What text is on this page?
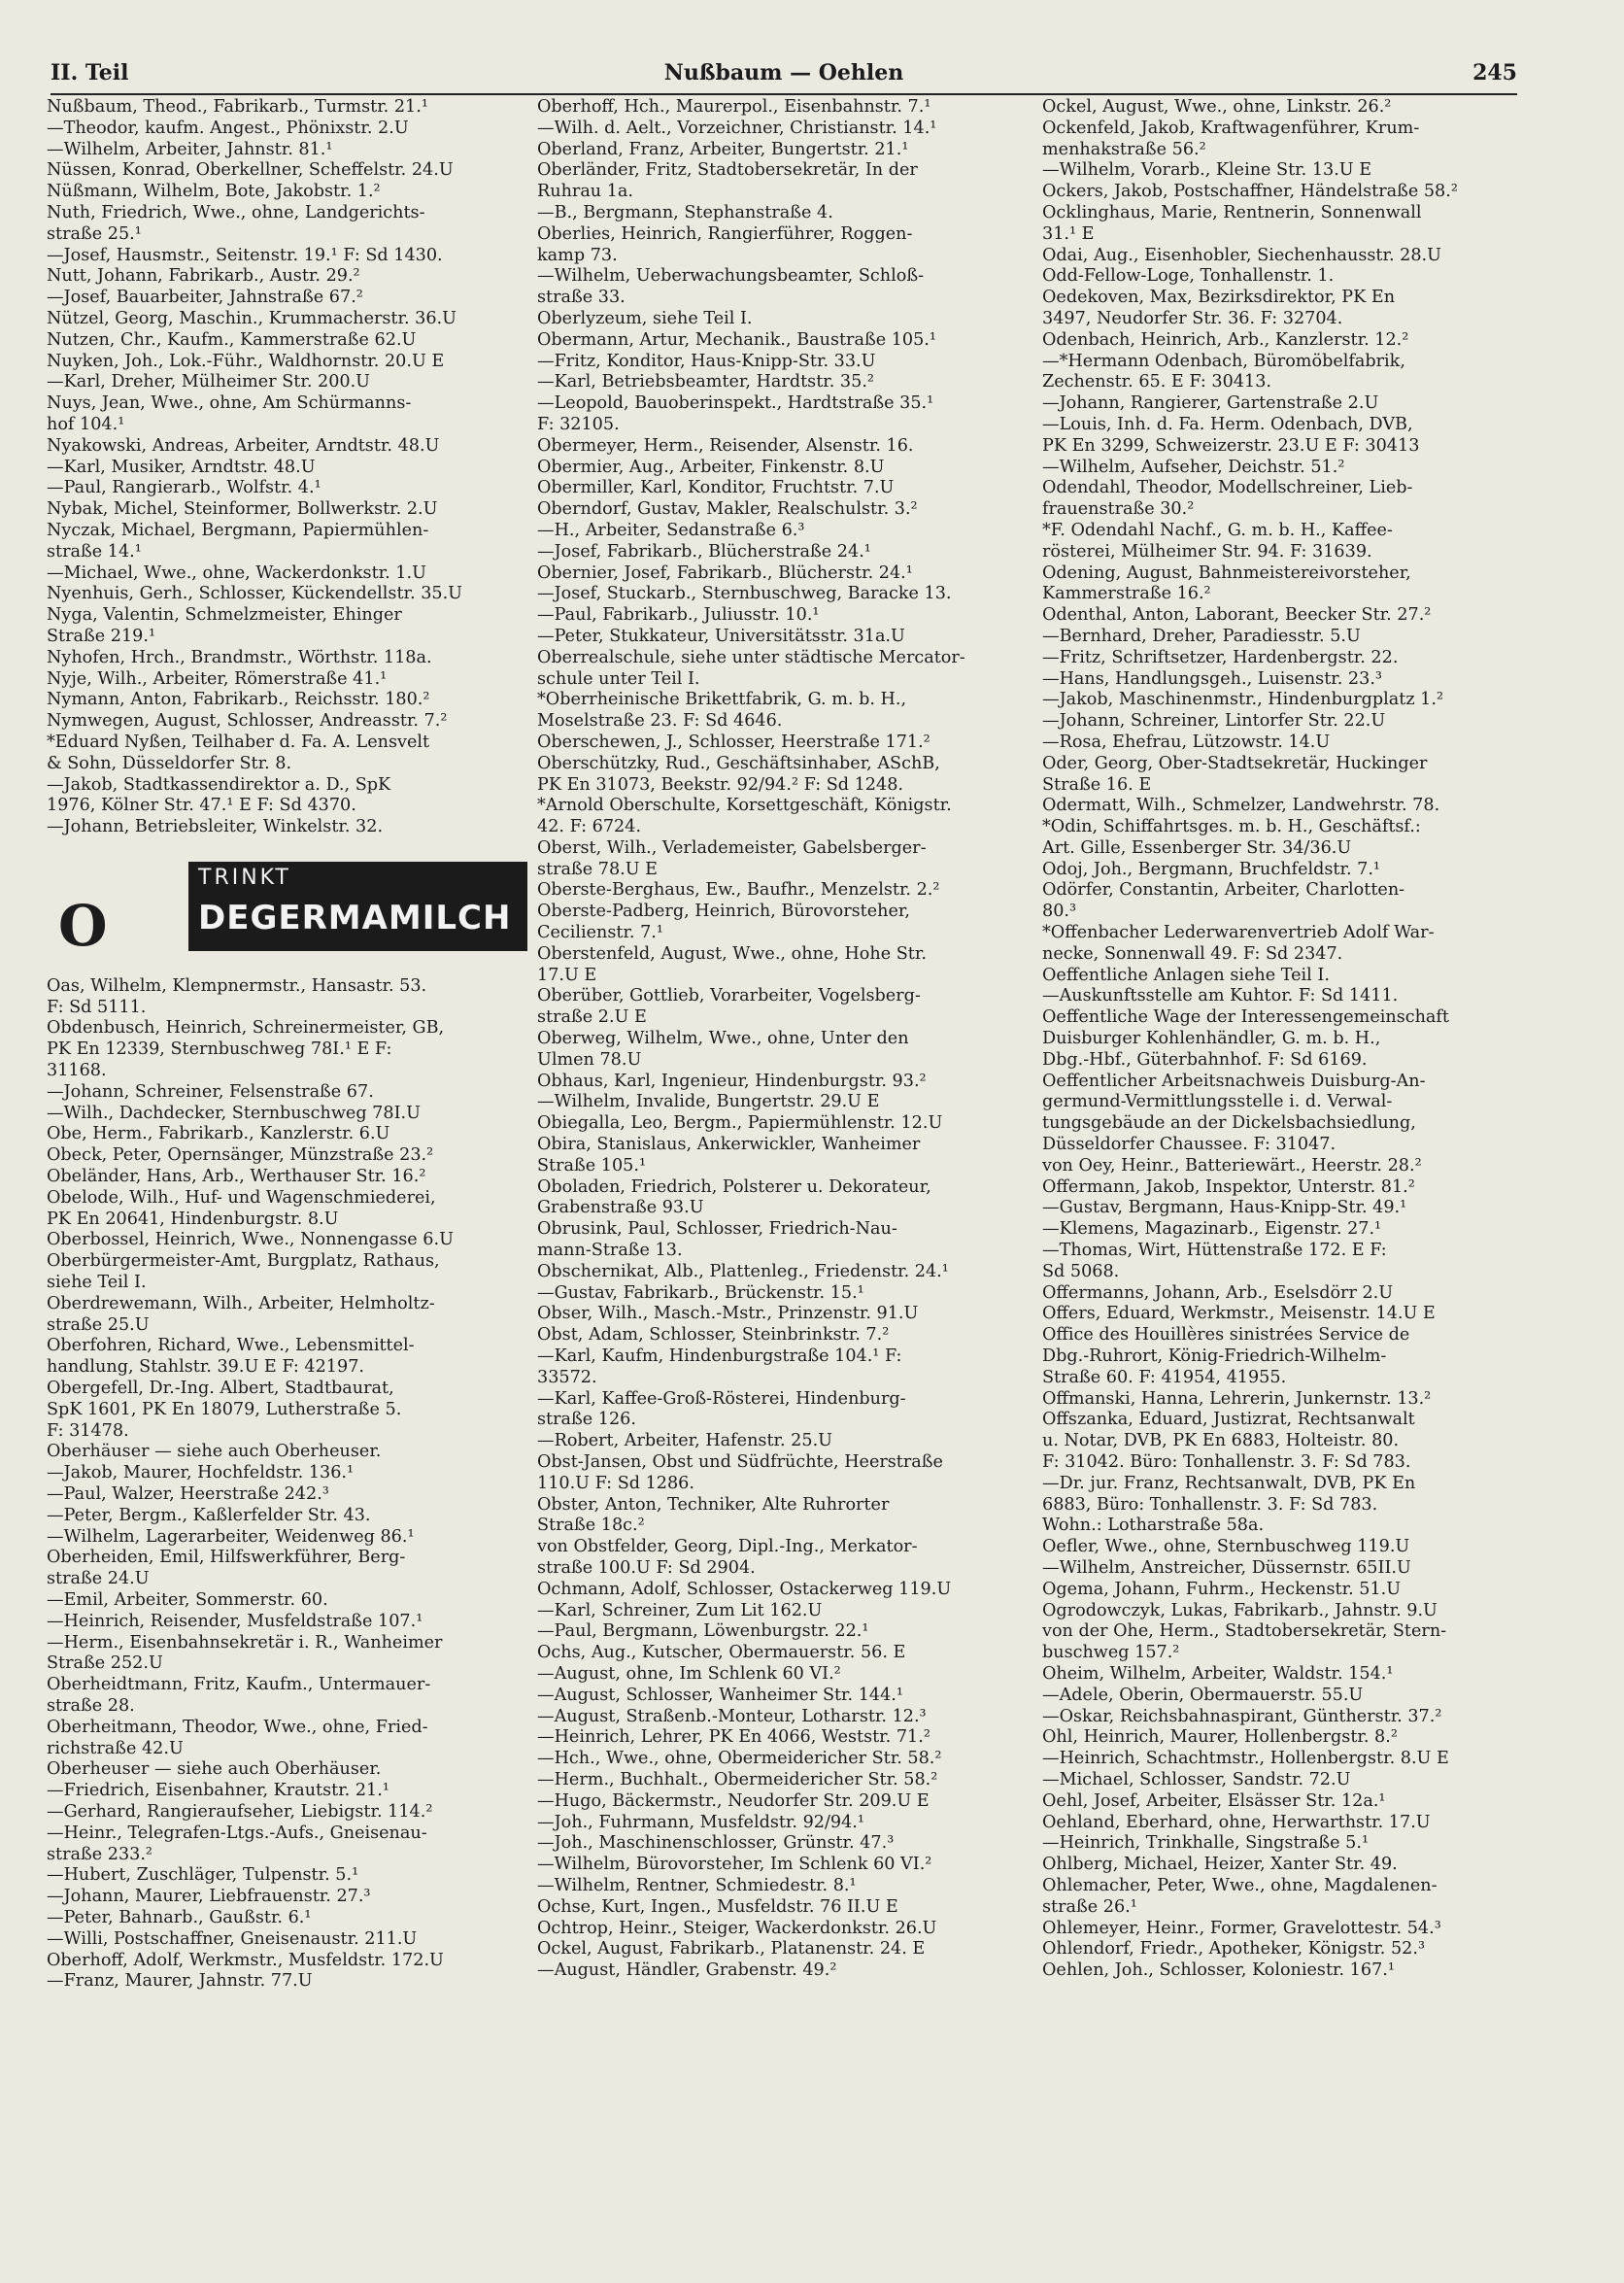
II. Teil	Nußbaum — Oehlen	245
Nußbaum, Theod., Fabrikarb., Turmstr. 21.¹
—Theodor, kaufm. Angest., Phönixstr. 2.U
—Wilhelm, Arbeiter, Jahnstr. 81.¹
Nüssen, Konrad, Oberkellner, Scheffelstr. 24.U
Nüßmann, Wilhelm, Bote, Jakobstr. 1.²
Nuth, Friedrich, Wwe., ohne, Landgerichts-
straße 25.¹
—Josef, Hausmstr., Seitenstr. 19.¹ F: Sd 1430.
Nutt, Johann, Fabrikarb., Austr. 29.²
—Josef, Bauarbeiter, Jahnstraße 67.²
Nützel, Georg, Maschin., Krummacherstr. 36.U
Nutzen, Chr., Kaufm., Kammerstraße 62.U
Nuyken, Joh., Lok.-Führ., Waldhornstr. 20.U E
—Karl, Dreher, Mülheimer Str. 200.U
Nuys, Jean, Wwe., ohne, Am Schürmanns-
hof 104.¹
Nyakowski, Andreas, Arbeiter, Arndtstr. 48.U
—Karl, Musiker, Arndtstr. 48.U
—Paul, Rangierarb., Wolfstr. 4.¹
Nybak, Michel, Steinformer, Bollwerkstr. 2.U
Nyczak, Michael, Bergmann, Papiermühlen-
straße 14.¹
—Michael, Wwe., ohne, Wackerdonkstr. 1.U
Nyenhuis, Gerh., Schlosser, Kückendellstr. 35.U
Nyga, Valentin, Schmelzmeister, Ehinger
Straße 219.¹
Nyhofen, Hrch., Brandmstr., Wörthstr. 118a.
Nyje, Wilh., Arbeiter, Römerstraße 41.¹
Nymann, Anton, Fabrikarb., Reichsstr. 180.²
Nymwegen, August, Schlosser, Andreasstr. 7.²
*Eduard Nyßen, Teilhaber d. Fa. A. Lensvelt
& Sohn, Düsseldorfer Str. 8.
—Jakob, Stadtkassendirektor a. D., SpK
1976, Kölner Str. 47.¹ E F: Sd 4370.
—Johann, Betriebsleiter, Winkelstr. 32.
O
TRINKT
DEGERMAMILCH
Oas, Wilhelm, Klempnermstr., Hansastr. 53.
F: Sd 5111.
Obdenbusch, Heinrich, Schreinermeister, GB,
PK En 12339, Sternbuschweg 78I.¹ E F:
31168.
—Johann, Schreiner, Felsenstraße 67.
—Wilh., Dachdecker, Sternbuschweg 78I.U
Obe, Herm., Fabrikarb., Kanzlerstr. 6.U
Obeck, Peter, Opernsänger, Münzstraße 23.²
Obeländer, Hans, Arb., Werthauser Str. 16.²
Obelode, Wilh., Huf- und Wagenschmiederei,
PK En 20641, Hindenburgstr. 8.U
Oberbossel, Heinrich, Wwe., Nonnengasse 6.U
Oberbürgermeister-Amt, Burgplatz, Rathaus,
siehe Teil I.
Oberdrewemann, Wilh., Arbeiter, Helmholtz-
straße 25.U
Oberfohren, Richard, Wwe., Lebensmittel-
handlung, Stahlstr. 39.U E F: 42197.
Obergefell, Dr.-Ing. Albert, Stadtbaurat,
SpK 1601, PK En 18079, Lutherstraße 5.
F: 31478.
Oberhäuser — siehe auch Oberheuser.
—Jakob, Maurer, Hochfeldstr. 136.¹
—Paul, Walzer, Heerstraße 242.³
—Peter, Bergm., Kaßlerfelder Str. 43.
—Wilhelm, Lagerarbeiter, Weidenweg 86.¹
Oberheiden, Emil, Hilfswerkführer, Berg-
straße 24.U
—Emil, Arbeiter, Sommerstr. 60.
—Heinrich, Reisender, Musfeldstraße 107.¹
—Herm., Eisenbahnsekretär i. R., Wanheimer
Straße 252.U
Oberheidtmann, Fritz, Kaufm., Untermauer-
straße 28.
Oberheitmann, Theodor, Wwe., ohne, Fried-
richstraße 42.U
Oberheuser — siehe auch Oberhäuser.
—Friedrich, Eisenbahner, Krautstr. 21.¹
—Gerhard, Rangieraufseher, Liebigstr. 114.²
—Heinr., Telegrafen-Ltgs.-Aufs., Gneisenau-
straße 233.²
—Hubert, Zuschläger, Tulpenstr. 5.¹
—Johann, Maurer, Liebfrauenstr. 27.³
—Peter, Bahnarb., Gaußstr. 6.¹
—Willi, Postschaffner, Gneisenaustr. 211.U
Oberhoff, Adolf, Werkmstr., Musfeldstr. 172.U
—Franz, Maurer, Jahnstr. 77.U
Oberhoff, Hch., Maurerpol., Eisenbahnstr. 7.¹
—Wilh. d. Aelt., Vorzeichner, Christianstr. 14.¹
Oberland, Franz, Arbeiter, Bungertstr. 21.¹
Oberländer, Fritz, Stadtobersekretär, In der
Ruhrau 1a.
—B., Bergmann, Stephanstraße 4.
Oberlies, Heinrich, Rangierführer, Roggen-
kamp 73.
—Wilhelm, Ueberwachungsbeamter, Schloß-
straße 33.
Oberlyzeum, siehe Teil I.
Obermann, Artur, Mechanik., Baustraße 105.¹
—Fritz, Konditor, Haus-Knipp-Str. 33.U
—Karl, Betriebsbeamter, Hardtstr. 35.²
—Leopold, Bauoberinspekt., Hardtstraße 35.¹
F: 32105.
Obermeyer, Herm., Reisender, Alsenstr. 16.
Obermier, Aug., Arbeiter, Finkenstr. 8.U
Obermiller, Karl, Konditor, Fruchtstr. 7.U
Oberndorf, Gustav, Makler, Realschulstr. 3.²
—H., Arbeiter, Sedanstraße 6.³
—Josef, Fabrikarb., Blücherstraße 24.¹
Obernier, Josef, Fabrikarb., Blücherstr. 24.¹
—Josef, Stuckarb., Sternbuschweg, Baracke 13.
—Paul, Fabrikarb., Juliusstr. 10.¹
—Peter, Stukkateur, Universitätsstr. 31a.U
Oberrealschule, siehe unter städtische Mercator-
schule unter Teil I.
*Oberrheinische Brikettfabrik, G. m. b. H.,
Moselstraße 23. F: Sd 4646.
Oberschewen, J., Schlosser, Heerstraße 171.²
Oberschützky, Rud., Geschäftsinhaber, ASchB,
PK En 31073, Beekstr. 92/94.² F: Sd 1248.
*Arnold Oberschulte, Korsettgeschäft, Königstr.
42. F: 6724.
Oberst, Wilh., Verlademeister, Gabelsberger-
straße 78.U E
Oberste-Berghaus, Ew., Baufhr., Menzelstr. 2.²
Oberste-Padberg, Heinrich, Bürovorsteher,
Cecilienstr. 7.¹
Oberstenfeld, August, Wwe., ohne, Hohe Str.
17.U E
Oberüber, Gottlieb, Vorarbeiter, Vogelsberg-
straße 2.U E
Oberweg, Wilhelm, Wwe., ohne, Unter den
Ulmen 78.U
Obhaus, Karl, Ingenieur, Hindenburgstr. 93.²
—Wilhelm, Invalide, Bungertstr. 29.U E
Obiegalla, Leo, Bergm., Papiermühlenstr. 12.U
Obira, Stanislaus, Ankerwickler, Wanheimer
Straße 105.¹
Oboladen, Friedrich, Polsterer u. Dekorateur,
Grabenstraße 93.U
Obrusink, Paul, Schlosser, Friedrich-Nau-
mann-Straße 13.
Obschernikat, Alb., Plattenleg., Friedenstr. 24.¹
—Gustav, Fabrikarb., Brückenstr. 15.¹
Obser, Wilh., Masch.-Mstr., Prinzenstr. 91.U
Obst, Adam, Schlosser, Steinbrinkstr. 7.²
—Karl, Kaufm, Hindenburgstraße 104.¹ F:
33572.
—Karl, Kaffee-Groß-Rösterei, Hindenburg-
straße 126.
—Robert, Arbeiter, Hafenstr. 25.U
Obst-Jansen, Obst und Südfrüchte, Heerstraße
110.U F: Sd 1286.
Obster, Anton, Techniker, Alte Ruhrorter
Straße 18c.²
von Obstfelder, Georg, Dipl.-Ing., Merkator-
straße 100.U F: Sd 2904.
Ochmann, Adolf, Schlosser, Ostackerweg 119.U
—Karl, Schreiner, Zum Lit 162.U
—Paul, Bergmann, Löwenburgstr. 22.¹
Ochs, Aug., Kutscher, Obermauerstr. 56. E
—August, ohne, Im Schlenk 60 VI.²
—August, Schlosser, Wanheimer Str. 144.¹
—August, Straßenb.-Monteur, Lotharstr. 12.³
—Heinrich, Lehrer, PK En 4066, Weststr. 71.²
—Hch., Wwe., ohne, Obermeidericher Str. 58.²
—Herm., Buchhalt., Obermeidericher Str. 58.²
—Hugo, Bäckermstr., Neudorfer Str. 209.U E
—Joh., Fuhrmann, Musfeldstr. 92/94.¹
—Joh., Maschinenschlosser, Grünstr. 47.³
—Wilhelm, Bürovorsteher, Im Schlenk 60 VI.²
—Wilhelm, Rentner, Schmiedestr. 8.¹
Ochse, Kurt, Ingen., Musfeldstr. 76 II.U E
Ochtrop, Heinr., Steiger, Wackerdonkstr. 26.U
Ockel, August, Fabrikarb., Platanenstr. 24. E
—August, Händler, Grabenstr. 49.²
Ockel, August, Wwe., ohne, Linkstr. 26.²
Ockenfeld, Jakob, Kraftwagenführer, Krum-
menhakstraße 56.²
—Wilhelm, Vorarb., Kleine Str. 13.U E
Ockers, Jakob, Postschaffner, Händelstraße 58.²
Ocklinghaus, Marie, Rentnerin, Sonnenwall
31.¹ E
Odai, Aug., Eisenhobler, Siechenhausstr. 28.U
Odd-Fellow-Loge, Tonhallenstr. 1.
Oedekoven, Max, Bezirksdirektor, PK En
3497, Neudorfer Str. 36. F: 32704.
Odenbach, Heinrich, Arb., Kanzlerstr. 12.²
—*Hermann Odenbach, Büromöbelfabrik,
Zechenstr. 65. E F: 30413.
—Johann, Rangierer, Gartenstraße 2.U
—Louis, Inh. d. Fa. Herm. Odenbach, DVB,
PK En 3299, Schweizerstr. 23.U E F: 30413
—Wilhelm, Aufseher, Deichstr. 51.²
Odendahl, Theodor, Modellschreiner, Lieb-
frauenstraße 30.²
*F. Odendahl Nachf., G. m. b. H., Kaffee-
rösterei, Mülheimer Str. 94. F: 31639.
Odening, August, Bahnmeistereivorsteher,
Kammerstraße 16.²
Odenthal, Anton, Laborant, Beecker Str. 27.²
—Bernhard, Dreher, Paradiesstr. 5.U
—Fritz, Schriftsetzer, Hardenbergstr. 22.
—Hans, Handlungsgeh., Luisenstr. 23.³
—Jakob, Maschinenmstr., Hindenburgplatz 1.²
—Johann, Schreiner, Lintorfer Str. 22.U
—Rosa, Ehefrau, Lützowstr. 14.U
Oder, Georg, Ober-Stadtsekretär, Huckinger
Straße 16. E
Odermatt, Wilh., Schmelzer, Landwehrstr. 78.
*Odin, Schiffahrtsges. m. b. H., Geschäftsf.:
Art. Gille, Essenberger Str. 34/36.U
Odoj, Joh., Bergmann, Bruchfeldstr. 7.¹
Odörfer, Constantin, Arbeiter, Charlotten-
80.³
*Offenbacher Lederwarenvertrieb Adolf War-
necke, Sonnenwall 49. F: Sd 2347.
Oeffentliche Anlagen siehe Teil I.
—Auskunftsstelle am Kuhtor. F: Sd 1411.
Oeffentliche Wage der Interessengemeinschaft
Duisburger Kohlenhändler, G. m. b. H.,
Dbg.-Hbf., Güterbahnhof. F: Sd 6169.
Oeffentlicher Arbeitsnachweis Duisburg-An-
germund-Vermittlungsstelle i. d. Verwal-
tungsgebäude an der Dickelsbachsiedlung,
Düsseldorfer Chaussee. F: 31047.
von Oey, Heinr., Batteriewärt., Heerstr. 28.²
Offermann, Jakob, Inspektor, Unterstr. 81.²
—Gustav, Bergmann, Haus-Knipp-Str. 49.¹
—Klemens, Magazinarb., Eigenstr. 27.¹
—Thomas, Wirt, Hüttenstraße 172. E F:
Sd 5068.
Offermanns, Johann, Arb., Eselsdörr 2.U
Offers, Eduard, Werkmstr., Meisenstr. 14.U E
Office des Houillères sinistrées Service de
Dbg.-Ruhrort, König-Friedrich-Wilhelm-
Straße 60. F: 41954, 41955.
Offmanski, Hanna, Lehrerin, Junkernstr. 13.²
Offszanka, Eduard, Justizrat, Rechtsanwalt
u. Notar, DVB, PK En 6883, Holteistr. 80.
F: 31042. Büro: Tonhallenstr. 3. F: Sd 783.
—Dr. jur. Franz, Rechtsanwalt, DVB, PK En
6883, Büro: Tonhallenstr. 3. F: Sd 783.
Wohn.: Lotharstraße 58a.
Oefler, Wwe., ohne, Sternbuschweg 119.U
—Wilhelm, Anstreicher, Düssernstr. 65II.U
Ogema, Johann, Fuhrm., Heckenstr. 51.U
Ogrodowczyk, Lukas, Fabrikarb., Jahnstr. 9.U
von der Ohe, Herm., Stadtobersekretär, Stern-
buschweg 157.²
Oheim, Wilhelm, Arbeiter, Waldstr. 154.¹
—Adele, Oberin, Obermauerstr. 55.U
—Oskar, Reichsbahnaspirant, Güntherstr. 37.²
Ohl, Heinrich, Maurer, Hollenbergstr. 8.²
—Heinrich, Schachtmstr., Hollenbergstr. 8.U E
—Michael, Schlosser, Sandstr. 72.U
Oehl, Josef, Arbeiter, Elsässer Str. 12a.¹
Oehland, Eberhard, ohne, Herwarthstr. 17.U
—Heinrich, Trinkhalle, Singstraße 5.¹
Ohlberg, Michael, Heizer, Xanter Str. 49.
Ohlemacher, Peter, Wwe., ohne, Magdalenen-
straße 26.¹
Ohlemeyer, Heinr., Former, Gravelottestr. 54.³
Ohlendorf, Friedr., Apotheker, Königstr. 52.³
Oehlen, Joh., Schlosser, Koloniestr. 167.¹
